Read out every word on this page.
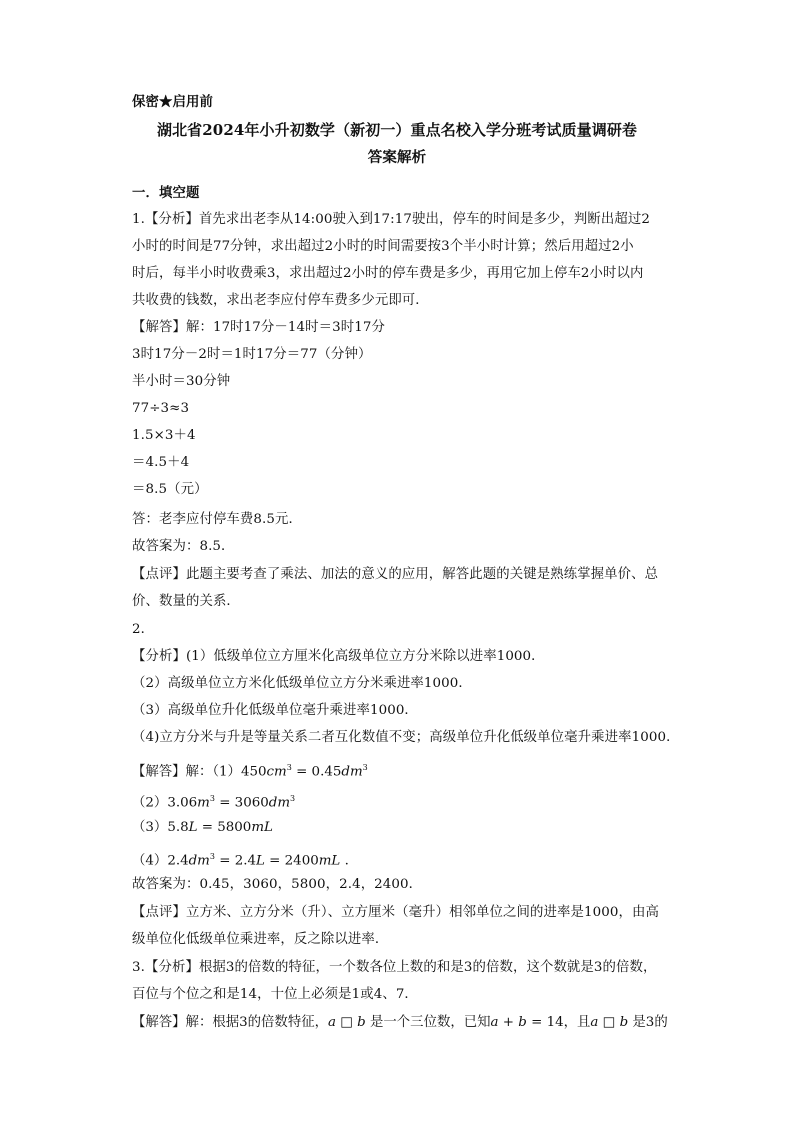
保密★启用前
湖北省2024年小升初数学（新初一）重点名校入学分班考试质量调研卷
答案解析
一．填空题
1.【分析】首先求出老李从14:00驶入到17:17驶出，停车的时间是多少，判断出超过2
小时的时间是77分钟，求出超过2小时的时间需要按3个半小时计算；然后用超过2小
时后，每半小时收费乘3，求出超过2小时的停车费是多少，再用它加上停车2小时以内
共收费的钱数，求出老李应付停车费多少元即可．
【解答】解：17时17分－14时＝3时17分
3时17分－2时＝1时17分＝77（分钟）
半小时＝30分钟
77÷3≈3
1.5×3＋4
＝4.5＋4
＝8.5（元）
答：老李应付停车费8.5元．
故答案为：8.5．
【点评】此题主要考查了乘法、加法的意义的应用，解答此题的关键是熟练掌握单价、总
价、数量的关系．
2．
【分析】(1）低级单位立方厘米化高级单位立方分米除以进率1000．
（2）高级单位立方米化低级单位立方分米乘进率1000．
（3）高级单位升化低级单位毫升乘进率1000．
（4)立方分米与升是等量关系二者互化数值不变；高级单位升化低级单位毫升乘进率1000．
【解答】解：$(1)450cm^3 = 0.45dm^3$
$(2)3.06m^3 = 3060dm^3$
（3）5.8L = 5800mL
$(4)2.4dm^3 = 2.4L = 2400mL$ .
故答案为：0.45，3060，5800，2.4，2400．
【点评】立方米、立方分米（升）、立方厘米（毫升）相邻单位之间的进率是1000，由高
级单位化低级单位乘进率，反之除以进率．
3.【分析】根据3的倍数的特征，一个数各位上数的和是3的倍数，这个数就是3的倍数，
百位与个位之和是14，十位上必须是1或4、7．
【解答】解：根据3的倍数特征，a □ b 是一个三位数，已知a + b = 14，且a □ b 是3的
